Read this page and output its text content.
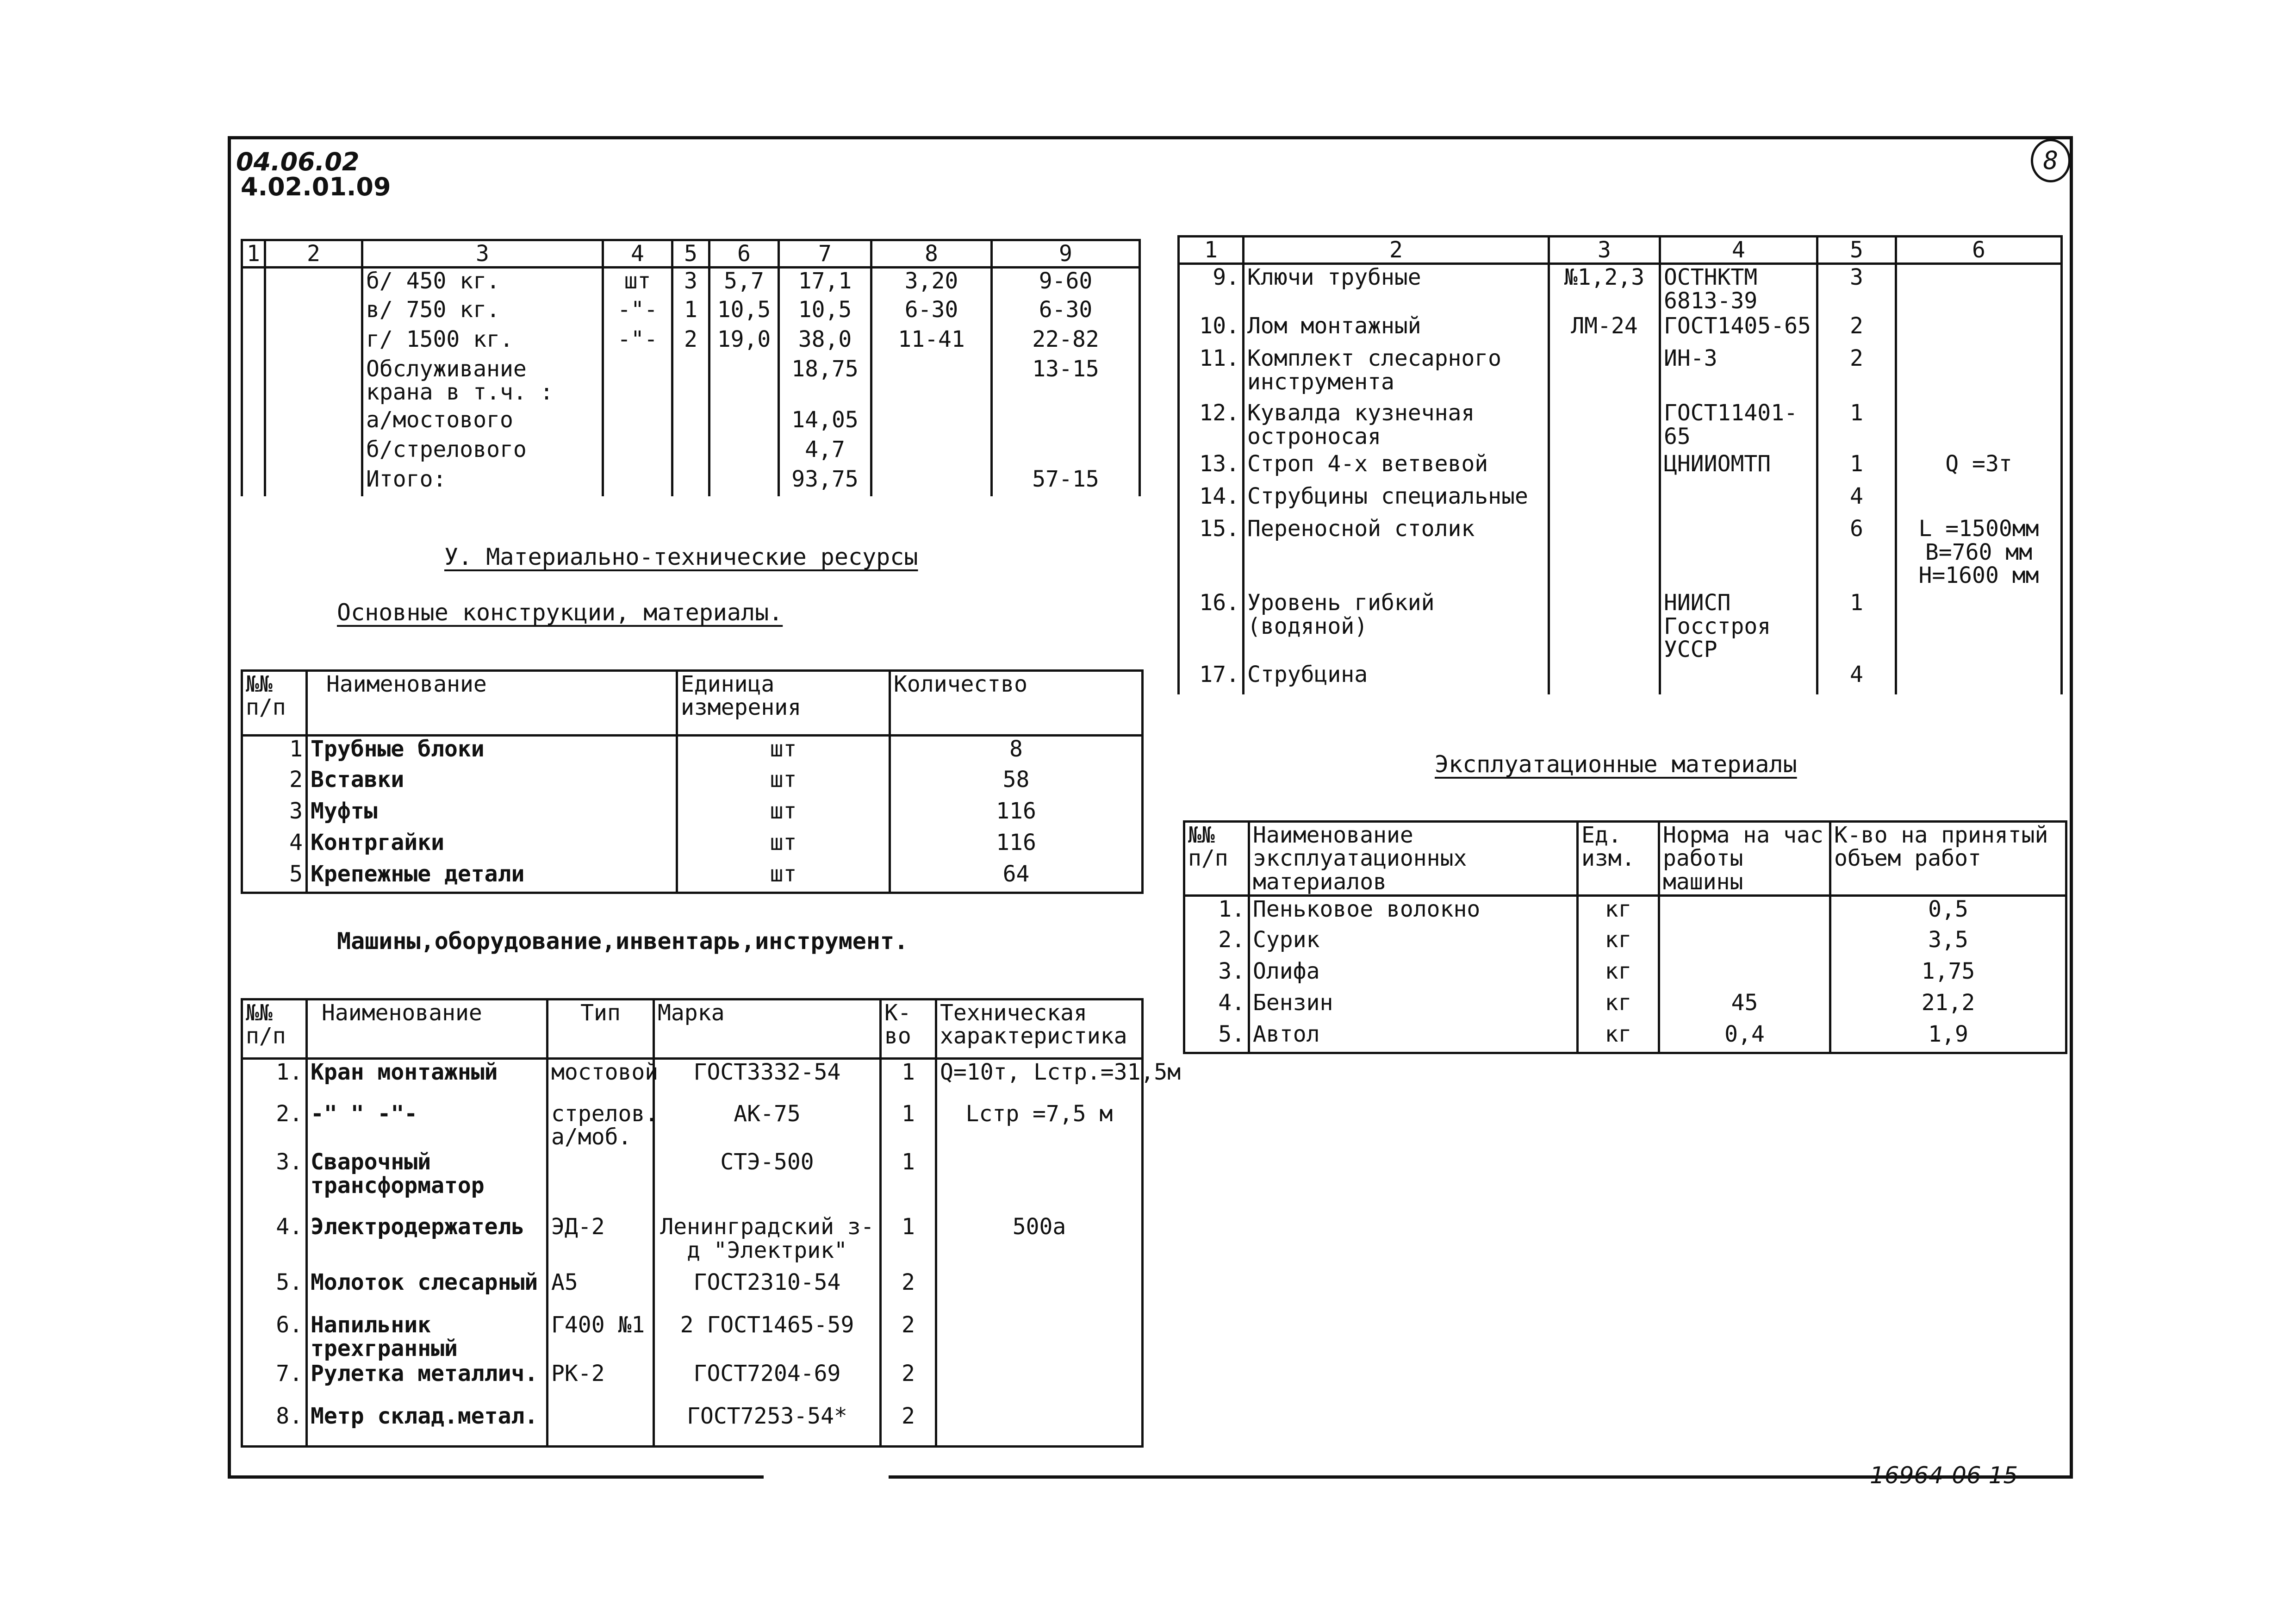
04.06.02
4.02.01.09
8
16964-06 15
1	2	3	4	5	6	7	8	9
		б/ 450 кг.	шт	3	5,7	17,1	3,20	9-60
		в/ 750 кг.	-"-	1	10,5	10,5	6-30	6-30
		г/ 1500 кг.	-"-	2	19,0	38,0	11-41	22-82
		Обслуживание крана в т.ч. :				18,75		13-15
		а/мостового				14,05		
		б/стрелового				4,7		
		Итого:				93,75		57-15
У. Материально-технические ресурсы
Основные конструкции, материалы.
№№ п/п	Наименование	Единица измерения	Количество
1	Трубные блоки	шт	8
2	Вставки	шт	58
3	Муфты	шт	116
4	Контргайки	шт	116
5	Крепежные детали	шт	64
Машины,оборудование,инвентарь,инструмент.
№№ п/п	Наименование	Тип	Марка	К-во	Техническая характеристика
1.	Кран монтажный	мостовой	ГОСТ3332-54	1	Q=10т, Lстр.=31,5м
2.	-" " -"-	стрелов. а/моб.	АК-75	1	Lстр =7,5 м
3.	Сварочный трансформатор		СТЭ-500	1	
4.	Электродержатель	ЭД-2	Ленинградский з-д "Электрик"	1	500а
5.	Молоток слесарный	А5	ГОСТ2310-54	2	
6.	Напильник трехгранный	Г400 №1	2 ГОСТ1465-59	2	
7.	Рулетка металлич.	РК-2	ГОСТ7204-69	2	
8.	Метр склад.метал.		ГОСТ7253-54*	2	
1	2	3	4	5	6
9.	Ключи трубные	№1,2,3	ОСТНКТМ 6813-39	3	
10.	Лом монтажный	ЛМ-24	ГОСТ1405-65	2	
11.	Комплект слесарного инструмента		ИН-3	2	
12.	Кувалда кузнечная остроносая		ГОСТ11401-65	1	
13.	Строп 4-х ветвевой		ЦНИИОМТП	1	Q =3т
14.	Струбцины специальные			4	
15.	Переносной столик			6	L =1500мм B=760 мм H=1600 мм
16.	Уровень гибкий (водяной)		НИИСП Госстроя УССР	1	
17.	Струбцина			4	
Эксплуатационные материалы
№№ п/п	Наименование эксплуатационных материалов	Ед. изм.	Норма на час работы машины	К-во на принятый объем работ
1.	Пеньковое волокно	кг		0,5
2.	Сурик	кг		3,5
3.	Олифа	кг		1,75
4.	Бензин	кг	45	21,2
5.	Автол	кг	0,4	1,9
